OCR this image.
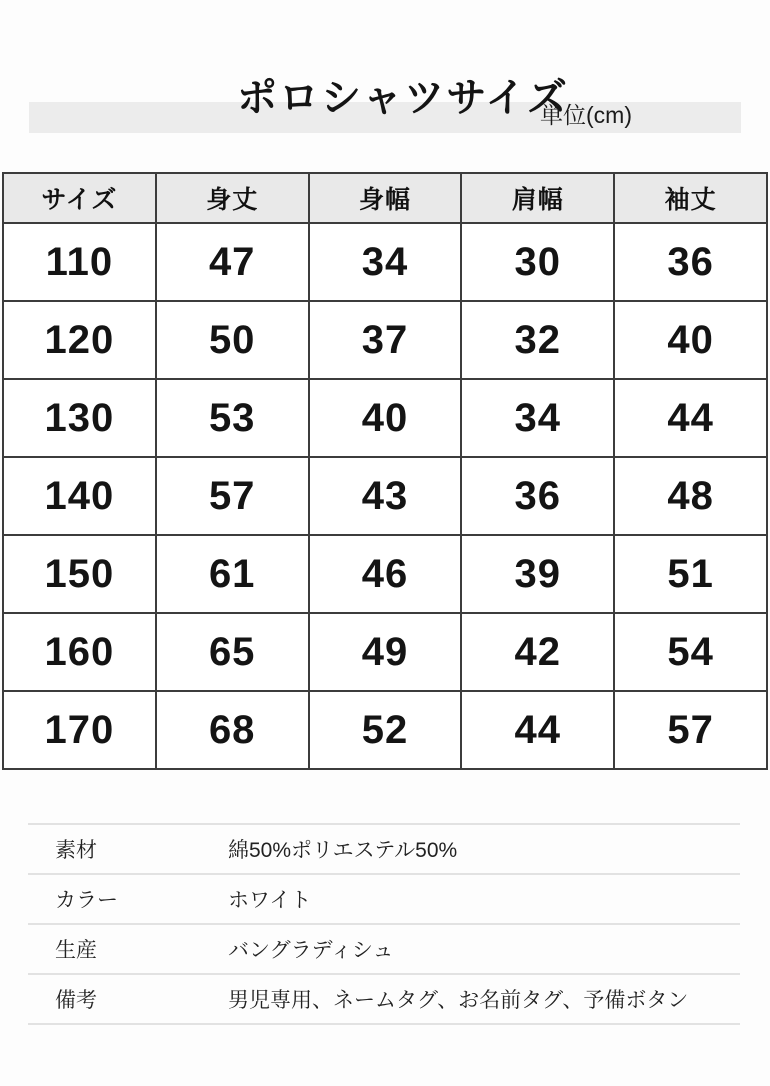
ポロシャツサイズ
単位(cm)
サイズ	身丈	身幅	肩幅	袖丈
110	47	34	30	36
120	50	37	32	40
130	53	40	34	44
140	57	43	36	48
150	61	46	39	51
160	65	49	42	54
170	68	52	44	57
素材	綿50%ポリエステル50%
カラー	ホワイト
生産	バングラディシュ
備考	男児専用、ネームタグ、お名前タグ、予備ボタン
